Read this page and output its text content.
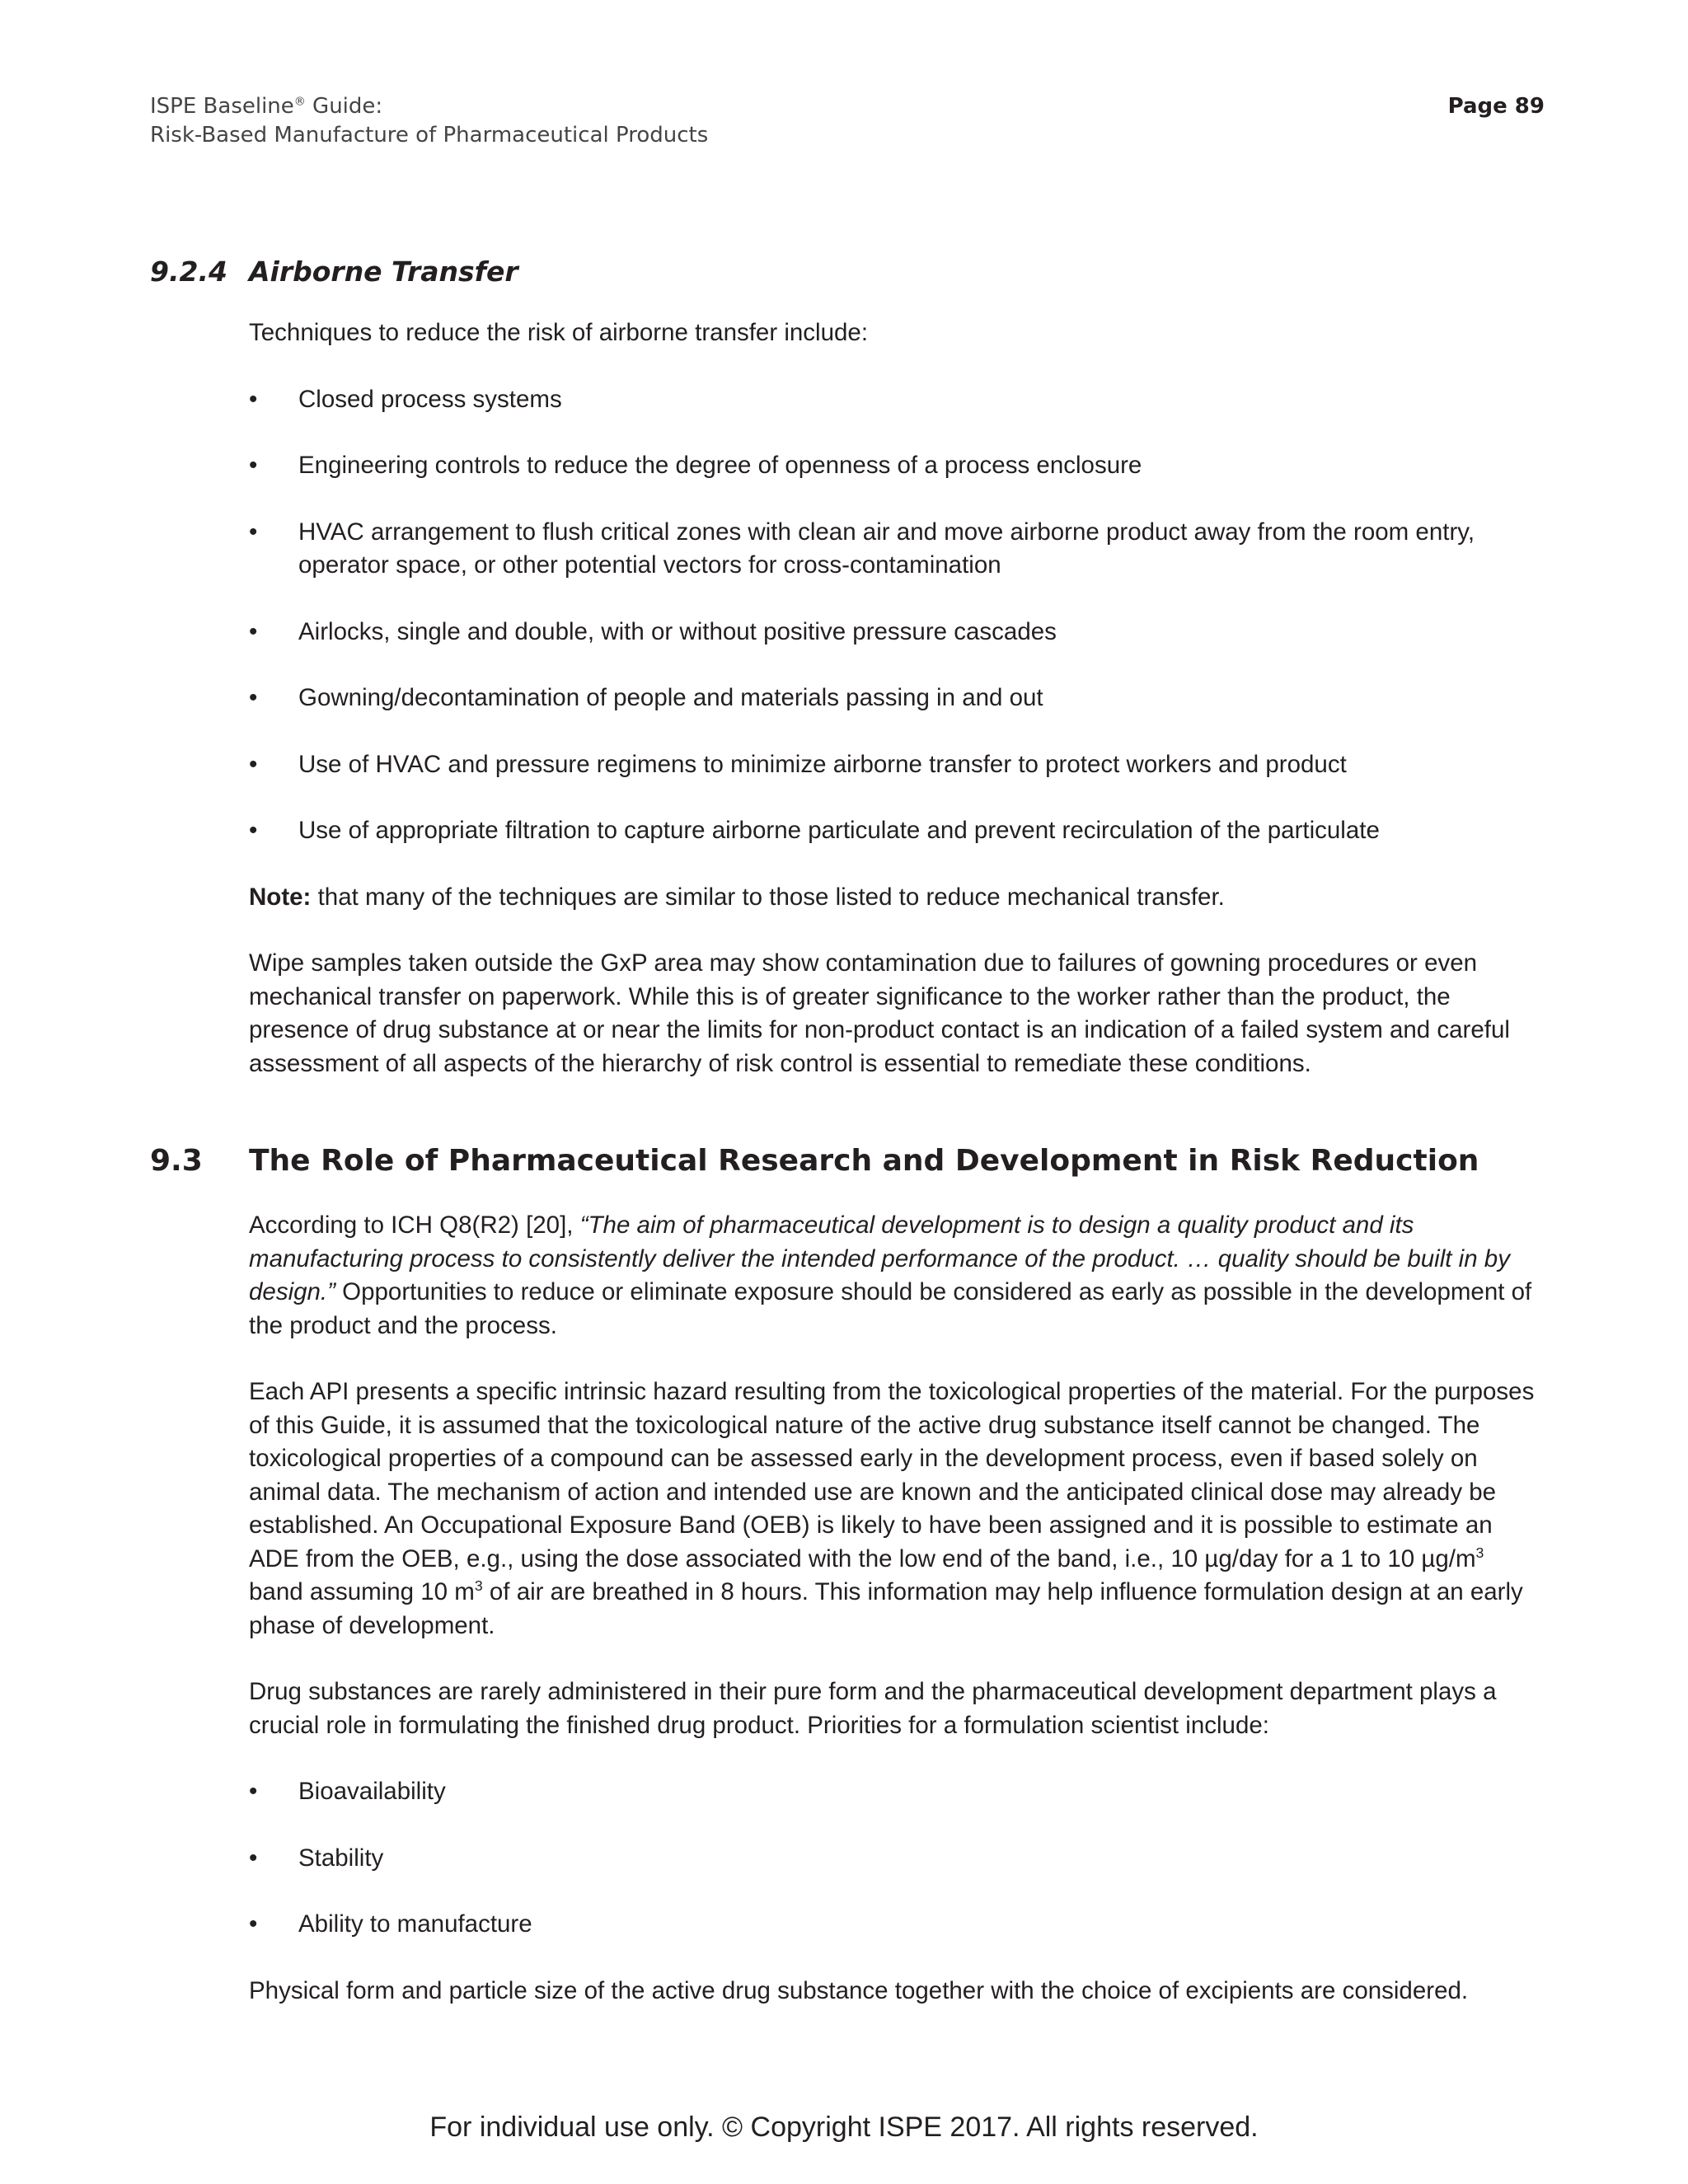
ISPE Baseline® Guide:
Risk-Based Manufacture of Pharmaceutical Products
Page 89
9.2.4 Airborne Transfer

Techniques to reduce the risk of airborne transfer include:

•	Closed process systems
•	Engineering controls to reduce the degree of openness of a process enclosure
•	HVAC arrangement to flush critical zones with clean air and move airborne product away from the room entry, operator space, or other potential vectors for cross-contamination
•	Airlocks, single and double, with or without positive pressure cascades
•	Gowning/decontamination of people and materials passing in and out
•	Use of HVAC and pressure regimens to minimize airborne transfer to protect workers and product
•	Use of appropriate filtration to capture airborne particulate and prevent recirculation of the particulate

Note: that many of the techniques are similar to those listed to reduce mechanical transfer.

Wipe samples taken outside the GxP area may show contamination due to failures of gowning procedures or even mechanical transfer on paperwork. While this is of greater significance to the worker rather than the product, the presence of drug substance at or near the limits for non-product contact is an indication of a failed system and careful assessment of all aspects of the hierarchy of risk control is essential to remediate these conditions.

9.3	The Role of Pharmaceutical Research and Development in Risk Reduction

According to ICH Q8(R2) [20], “The aim of pharmaceutical development is to design a quality product and its manufacturing process to consistently deliver the intended performance of the product. … quality should be built in by design.” Opportunities to reduce or eliminate exposure should be considered as early as possible in the development of the product and the process.

Each API presents a specific intrinsic hazard resulting from the toxicological properties of the material. For the purposes of this Guide, it is assumed that the toxicological nature of the active drug substance itself cannot be changed. The toxicological properties of a compound can be assessed early in the development process, even if based solely on animal data. The mechanism of action and intended use are known and the anticipated clinical dose may already be established. An Occupational Exposure Band (OEB) is likely to have been assigned and it is possible to estimate an ADE from the OEB, e.g., using the dose associated with the low end of the band, i.e., 10 µg/day for a 1 to 10 $\mu g/m^3$ band assuming 10 $m^3$ of air are breathed in 8 hours. This information may help influence formulation design at an early phase of development.

Drug substances are rarely administered in their pure form and the pharmaceutical development department plays a crucial role in formulating the finished drug product. Priorities for a formulation scientist include:

•	Bioavailability
•	Stability
•	Ability to manufacture

Physical form and particle size of the active drug substance together with the choice of excipients are considered.

For individual use only. © Copyright ISPE 2017. All rights reserved.
